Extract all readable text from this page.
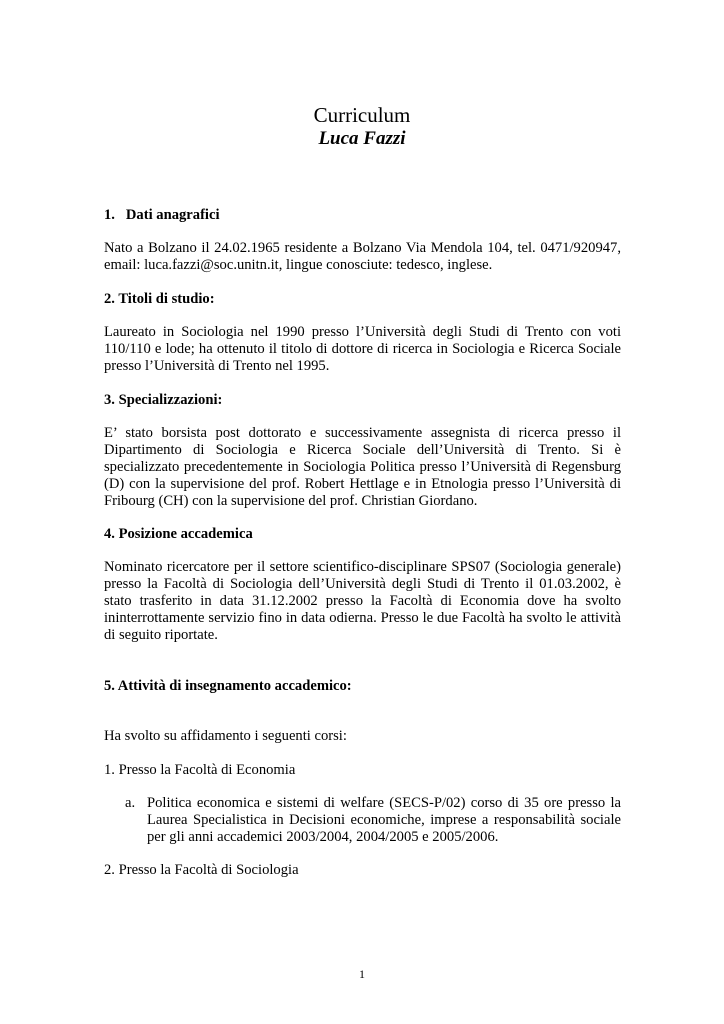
Curriculum
Luca Fazzi
1.   Dati anagrafici

Nato a Bolzano il 24.02.1965 residente a Bolzano Via Mendola 104, tel. 0471/920947, email: luca.fazzi@soc.unitn.it, lingue conosciute: tedesco, inglese.

2. Titoli di studio:

Laureato in Sociologia nel 1990 presso l’Università degli Studi di Trento con voti 110/110 e lode; ha ottenuto il titolo di dottore di ricerca in Sociologia e Ricerca Sociale presso l’Università di Trento nel 1995.

3. Specializzazioni:

E’ stato borsista post dottorato e successivamente assegnista di ricerca presso il Dipartimento di Sociologia e Ricerca Sociale dell’Università di Trento. Si è specializzato precedentemente in Sociologia Politica presso l’Università di Regensburg (D) con la supervisione del prof. Robert Hettlage e in Etnologia presso l’Università di Fribourg (CH) con la supervisione del prof. Christian Giordano.

4. Posizione accademica

Nominato ricercatore per il settore scientifico-disciplinare SPS07 (Sociologia generale) presso la Facoltà di Sociologia dell’Università degli Studi di Trento il 01.03.2002, è stato trasferito in data 31.12.2002 presso la Facoltà di Economia dove ha svolto ininterrottamente servizio fino in data odierna. Presso le due Facoltà ha svolto le attività di seguito riportate.

5. Attività di insegnamento accademico:

Ha svolto su affidamento i seguenti corsi:

1. Presso la Facoltà di Economia

a. Politica economica e sistemi di welfare (SECS-P/02) corso di 35 ore presso la Laurea Specialistica in Decisioni economiche, imprese a responsabilità sociale per gli anni accademici 2003/2004, 2004/2005 e 2005/2006.

2. Presso la Facoltà di Sociologia

1
